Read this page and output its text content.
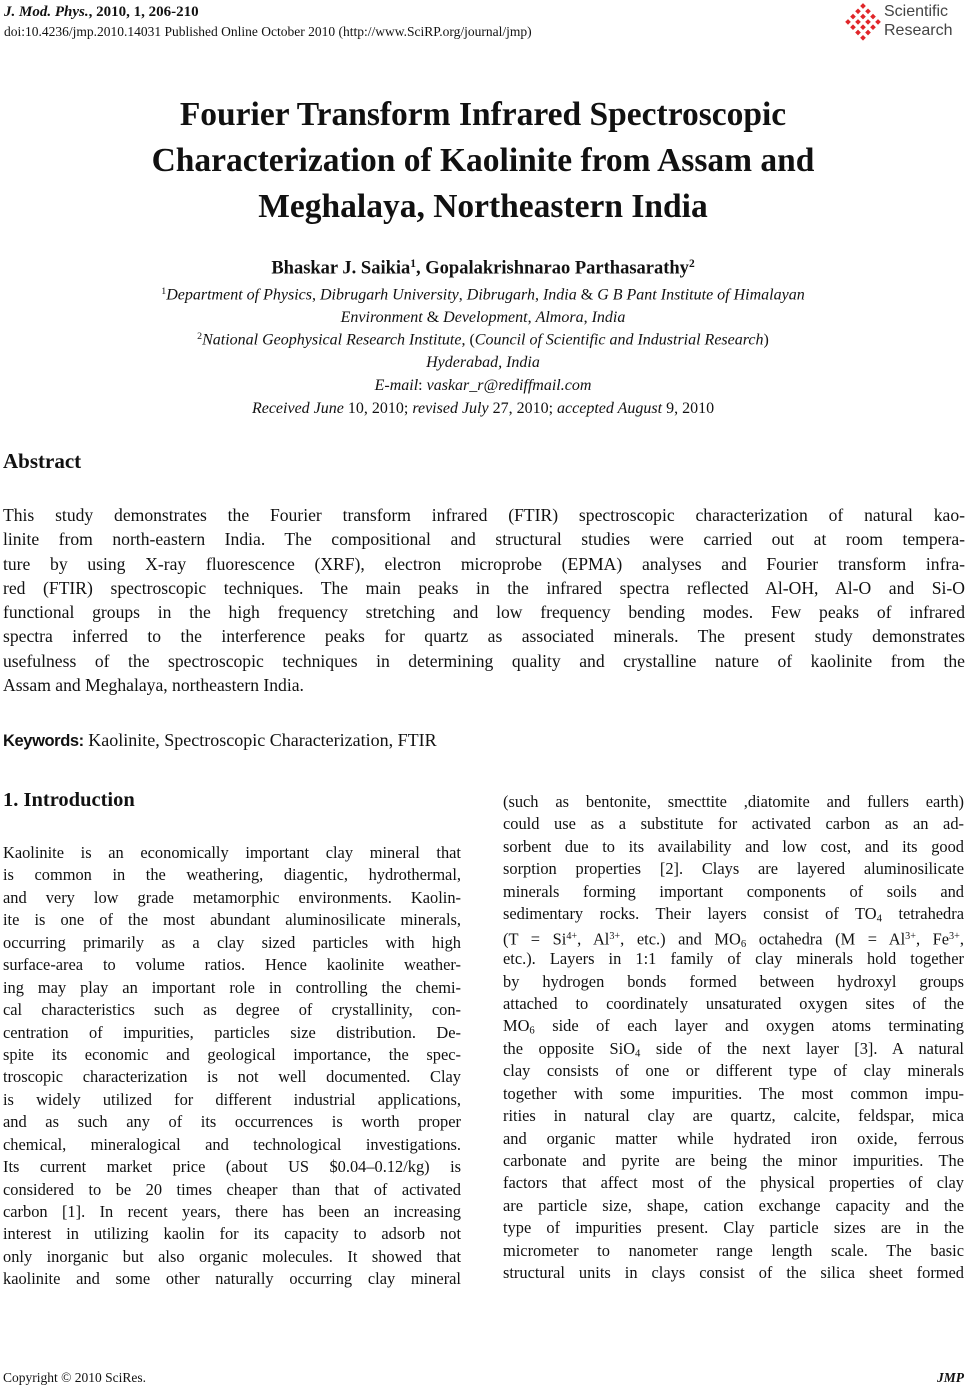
J. Mod. Phys., 2010, 1, 206-210
doi:10.4236/jmp.2010.14031 Published Online October 2010 (http://www.SciRP.org/journal/jmp)
Scientific
Research
Fourier Transform Infrared Spectroscopic
Characterization of Kaolinite from Assam and
Meghalaya, Northeastern India
Bhaskar J. Saikia$^1$, Gopalakrishnarao Parthasarathy$^2$
$^1$Department of Physics, Dibrugarh University, Dibrugarh, India & G B Pant Institute of Himalayan
Environment & Development, Almora, India
$^2$National Geophysical Research Institute, (Council of Scientific and Industrial Research)
Hyderabad, India
E-mail: vaskar_r@rediffmail.com
Received June 10, 2010; revised July 27, 2010; accepted August 9, 2010
Abstract
This study demonstrates the Fourier transform infrared (FTIR) spectroscopic characterization of natural kao-
linite from north-eastern India. The compositional and structural studies were carried out at room tempera-
ture by using X-ray fluorescence (XRF), electron microprobe (EPMA) analyses and Fourier transform infra-
red (FTIR) spectroscopic techniques. The main peaks in the infrared spectra reflected Al-OH, Al-O and Si-O
functional groups in the high frequency stretching and low frequency bending modes. Few peaks of infrared
spectra inferred to the interference peaks for quartz as associated minerals. The present study demonstrates
usefulness of the spectroscopic techniques in determining quality and crystalline nature of kaolinite from the
Assam and Meghalaya, northeastern India.
Keywords: Kaolinite, Spectroscopic Characterization, FTIR
1. Introduction
Kaolinite is an economically important clay mineral that
is common in the weathering, diagentic, hydrothermal,
and very low grade metamorphic environments. Kaolin-
ite is one of the most abundant aluminosilicate minerals,
occurring primarily as a clay sized particles with high
surface-area to volume ratios. Hence kaolinite weather-
ing may play an important role in controlling the chemi-
cal characteristics such as degree of crystallinity, con-
centration of impurities, particles size distribution. De-
spite its economic and geological importance, the spec-
troscopic characterization is not well documented. Clay
is widely utilized for different industrial applications,
and as such any of its occurrences is worth proper
chemical, mineralogical and technological investigations.
Its current market price (about US $0.04–0.12/kg) is
considered to be 20 times cheaper than that of activated
carbon [1]. In recent years, there has been an increasing
interest in utilizing kaolin for its capacity to adsorb not
only inorganic but also organic molecules. It showed that
kaolinite and some other naturally occurring clay mineral
(such as bentonite, smecttite ,diatomite and fullers earth)
could use as a substitute for activated carbon as an ad-
sorbent due to its availability and low cost, and its good
sorption properties [2]. Clays are layered aluminosilicate
minerals forming important components of soils and
sedimentary rocks. Their layers consist of $TO_4$ tetrahedra
($T = Si^{4+}$, $Al^{3+}$, etc.) and $MO_6$ octahedra ($M = Al^{3+}$, $Fe^{3+}$,
etc.). Layers in 1:1 family of clay minerals hold together
by hydrogen bonds formed between hydroxyl groups
attached to coordinately unsaturated oxygen sites of the
$MO_6$ side of each layer and oxygen atoms terminating
the opposite SiO$_4$ side of the next layer [3]. A natural
clay consists of one or different type of clay minerals
together with some impurities. The most common impu-
rities in natural clay are quartz, calcite, feldspar, mica
and organic matter while hydrated iron oxide, ferrous
carbonate and pyrite are being the minor impurities. The
factors that affect most of the physical properties of clay
are particle size, shape, cation exchange capacity and the
type of impurities present. Clay particle sizes are in the
micrometer to nanometer range length scale. The basic
structural units in clays consist of the silica sheet formed
Copyright © 2010 SciRes.	JMP
